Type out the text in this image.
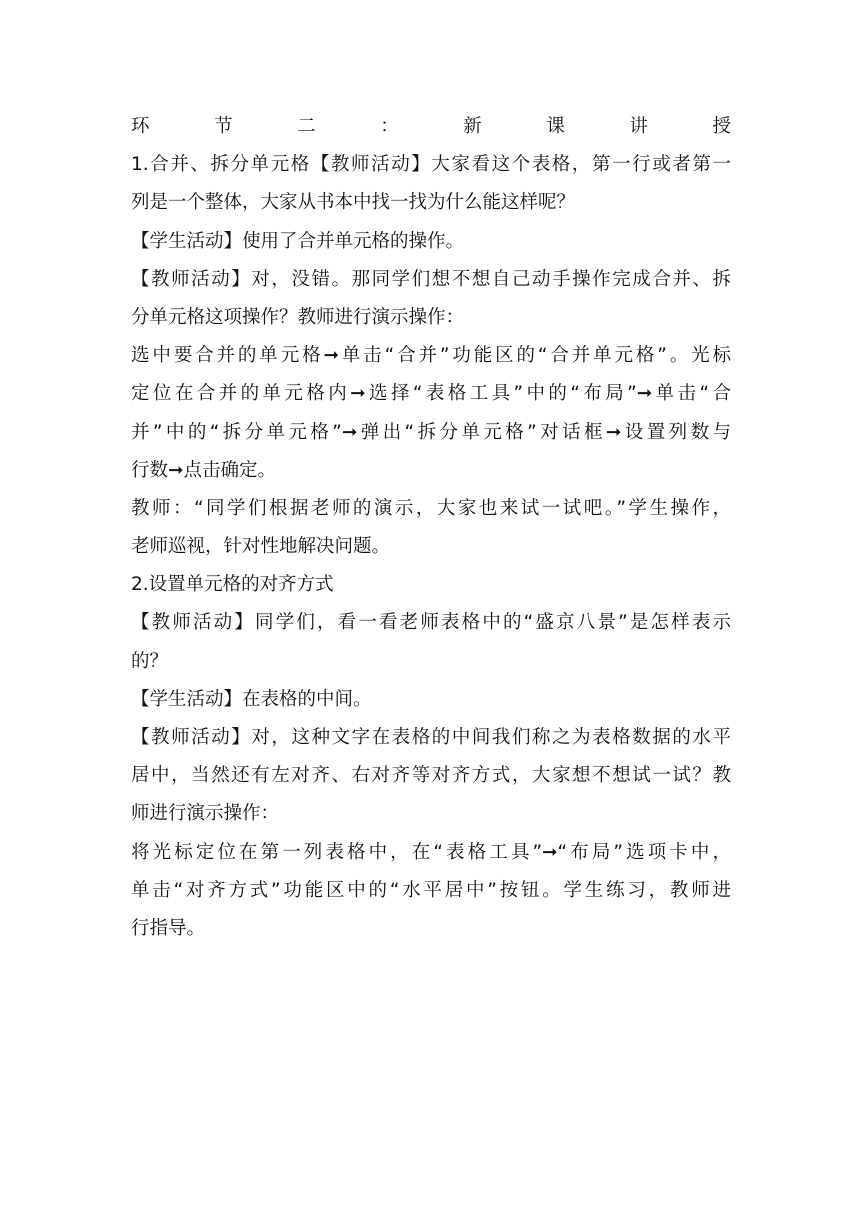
环节二：新课讲授
1.合并、拆分单元格【教师活动】大家看这个表格，第一行或者第一
列是一个整体，大家从书本中找一找为什么能这样呢？
【学生活动】使用了合并单元格的操作。
【教师活动】对，没错。那同学们想不想自己动手操作完成合并、拆
分单元格这项操作？教师进行演示操作：
选中要合并的单元格➞单击“合并”功能区的“合并单元格”。光标
定位在合并的单元格内➞选择“表格工具”中的“布局”➞单击“合
并”中的“拆分单元格”➞弹出“拆分单元格”对话框➞设置列数与
行数➞点击确定。
教师：“同学们根据老师的演示，大家也来试一试吧。”学生操作，
老师巡视，针对性地解决问题。
2.设置单元格的对齐方式
【教师活动】同学们，看一看老师表格中的“盛京八景”是怎样表示
的？
【学生活动】在表格的中间。
【教师活动】对，这种文字在表格的中间我们称之为表格数据的水平
居中，当然还有左对齐、右对齐等对齐方式，大家想不想试一试？教
师进行演示操作：
将光标定位在第一列表格中，在“表格工具”➞“布局”选项卡中，
单击“对齐方式”功能区中的“水平居中”按钮。学生练习，教师进
行指导。
